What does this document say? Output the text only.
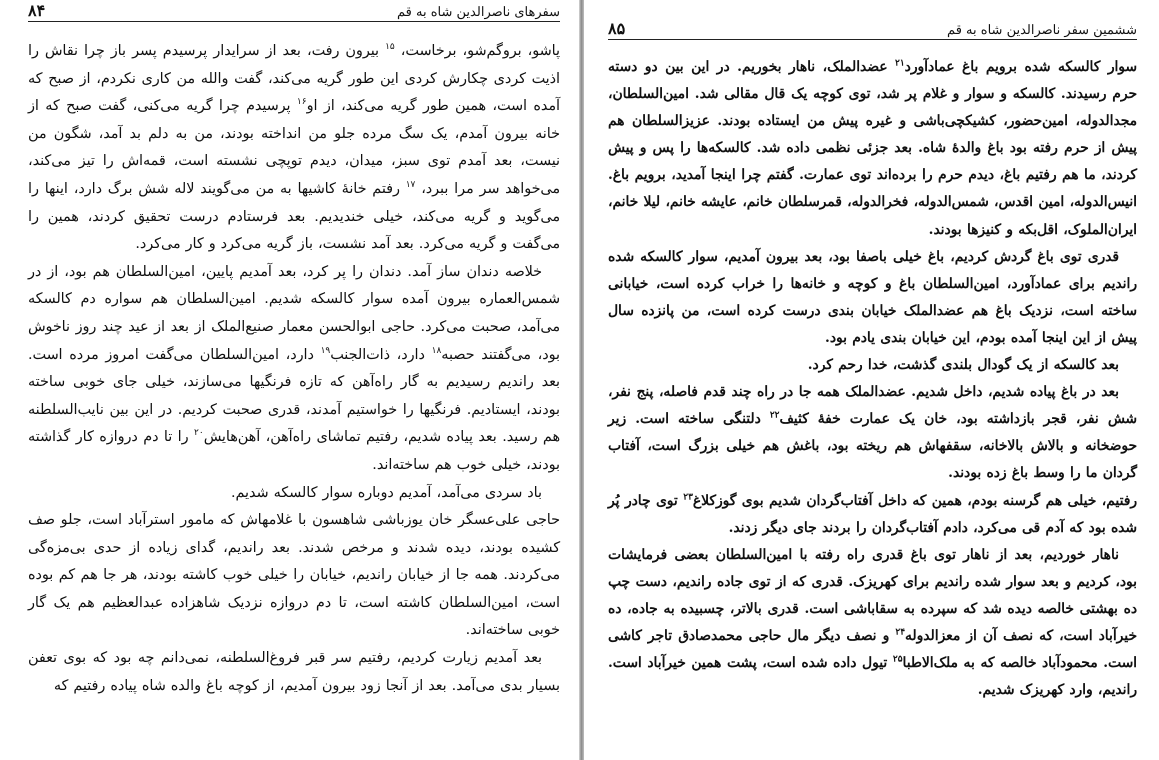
سفرهای ناصرالدین شاه به قم
۸۴

پاشو، بروگم‌شو، برخاست، $^{۱۵}$ بیرون رفت، بعد از سرایدار پرسیدم پسر باز چرا نقاش را اذیت کردی چکارش کردی این طور گریه می‌کند، گفت والله من کاری نکردم، از صبح که آمده است، همین طور گریه می‌کند، از او$^{۱۶}$ پرسیدم چرا گریه می‌کنی، گفت صبح که از خانه بیرون آمدم، یک سگ مرده جلو من انداخته بودند، من به دلم بد آمد، شگون من نیست، بعد آمدم توی سبز، میدان، دیدم توپچی نشسته است، قمه‌اش را تیز می‌کند، می‌خواهد سر مرا ببرد، $^{۱۷}$ رفتم خانهٔ کاشیها به من می‌گویند لاله شش برگ دارد، اینها را می‌گوید و گریه می‌کند، خیلی خندیدیم. بعد فرستادم درست تحقیق کردند، همین را می‌گفت و گریه می‌کرد. بعد آمد نشست، باز گریه می‌کرد و کار می‌کرد.

خلاصه دندان ساز آمد. دندان را پر کرد، بعد آمدیم پایین، امین‌السلطان هم بود، از در شمس‌العماره بیرون آمده سوار کالسکه شدیم. امین‌السلطان هم سواره دم کالسکه می‌آمد، صحبت می‌کرد. حاجی ابوالحسن معمار صنیع‌الملک از بعد از عید چند روز ناخوش بود، می‌گفتند حصبه$^{۱۸}$ دارد، ذات‌الجنب$^{۱۹}$ دارد، امین‌السلطان می‌گفت امروز مرده است. بعد راندیم رسیدیم به گار راه‌آهن که تازه فرنگیها می‌سازند، خیلی جای خوبی ساخته بودند، ایستادیم. فرنگیها را خواستیم آمدند، قدری صحبت کردیم. در این بین نایب‌السلطنه هم رسید. بعد پیاده شدیم، رفتیم تماشای راه‌آهن، آهن‌هایش$^{۲۰}$ را تا دم دروازه کار گذاشته بودند، خیلی خوب هم ساخته‌اند.

باد سردی می‌آمد، آمدیم دوباره سوار کالسکه شدیم.

حاجی علی‌عسگر خان یوزباشی شاهسون با غلامهاش که مامور استرآباد است، جلو صف کشیده بودند، دیده شدند و مرخص شدند. بعد راندیم، گدای زیاده از حدی بی‌مزه‌گی می‌کردند. همه جا از خیابان راندیم، خیابان را خیلی خوب کاشته بودند، هر جا هم کم بوده است، امین‌السلطان کاشته است، تا دم دروازه نزدیک شاهزاده عبدالعظیم هم یک گار خوبی ساخته‌اند.

بعد آمدیم زیارت کردیم، رفتیم سر قبر فروغ‌السلطنه، نمی‌دانم چه بود که بوی تعفن بسیار بدی می‌آمد. بعد از آنجا زود بیرون آمدیم، از کوچه باغ والده شاه پیاده رفتیم که

ششمین سفر ناصرالدین شاه به قم
۸۵

سوار کالسکه شده برویم باغ عمادآورد$^{۲۱}$ عضدالملک، ناهار بخوریم. در این بین دو دسته حرم رسیدند. کالسکه و سوار و غلام پر شد، توی کوچه یک قال مقالی شد. امین‌السلطان، مجدالدوله، امین‌حضور، کشیکچی‌باشی و غیره پیش من ایستاده بودند. عزیزالسلطان هم پیش از حرم رفته بود باغ والدهٔ شاه. بعد جزئی نظمی داده شد. کالسکه‌ها را پس و پیش کردند، ما هم رفتیم باغ، دیدم حرم را برده‌اند توی عمارت. گفتم چرا اینجا آمدید، برویم باغ. انیس‌الدوله، امین اقدس، شمس‌الدوله، فخرالدوله، قمرسلطان خانم، عایشه خانم، لیلا خانم، ایران‌الملوک، اقل‌بکه و کنیزها بودند.

قدری توی باغ گردش کردیم، باغ خیلی باصفا بود، بعد بیرون آمدیم، سوار کالسکه شده راندیم برای عمادآورد، امین‌السلطان باغ و کوچه و خانه‌ها را خراب کرده است، خیابانی ساخته است، نزدیک باغ هم عضدالملک خیابان بندی درست کرده است، من پانزده سال پیش از این اینجا آمده بودم، این خیابان بندی یادم بود.

بعد کالسکه از یک گودال بلندی گذشت، خدا رحم کرد.

بعد در باغ پیاده شدیم، داخل شدیم. عضدالملک همه جا در راه چند قدم فاصله، پنج نفر، شش نفر، قجر بازداشته بود، خان یک عمارت خفهٔ کثیف$^{۲۲}$ دلتنگی ساخته است. زیر حوضخانه و بالاش بالاخانه، سقفهاش هم ریخته بود، باغش هم خیلی بزرگ است، آفتاب گردان ما را وسط باغ زده بودند.

رفتیم، خیلی هم گرسنه بودم، همین که داخل آفتاب‌گردان شدیم بوی گوزکلاغ$^{۲۳}$ توی چادر پُر شده بود که آدم قی می‌کرد، دادم آفتاب‌گردان را بردند جای دیگر زدند.

ناهار خوردیم، بعد از ناهار توی باغ قدری راه رفته با امین‌السلطان بعضی فرمایشات بود، کردیم و بعد سوار شده راندیم برای کهریزک. قدری که از توی جاده راندیم، دست چپ ده بهشتی خالصه دیده شد که سپرده به سقاباشی است. قدری بالاتر، چسبیده به جاده، ده خیرآباد است، که نصف آن از معزالدوله$^{۲۴}$ و نصف دیگر مال حاجی محمدصادق تاجر کاشی است. محمودآباد خالصه که به ملک‌الاطبا$^{۲۵}$ تیول داده شده است، پشت همین خیرآباد است. راندیم، وارد کهریزک شدیم.
